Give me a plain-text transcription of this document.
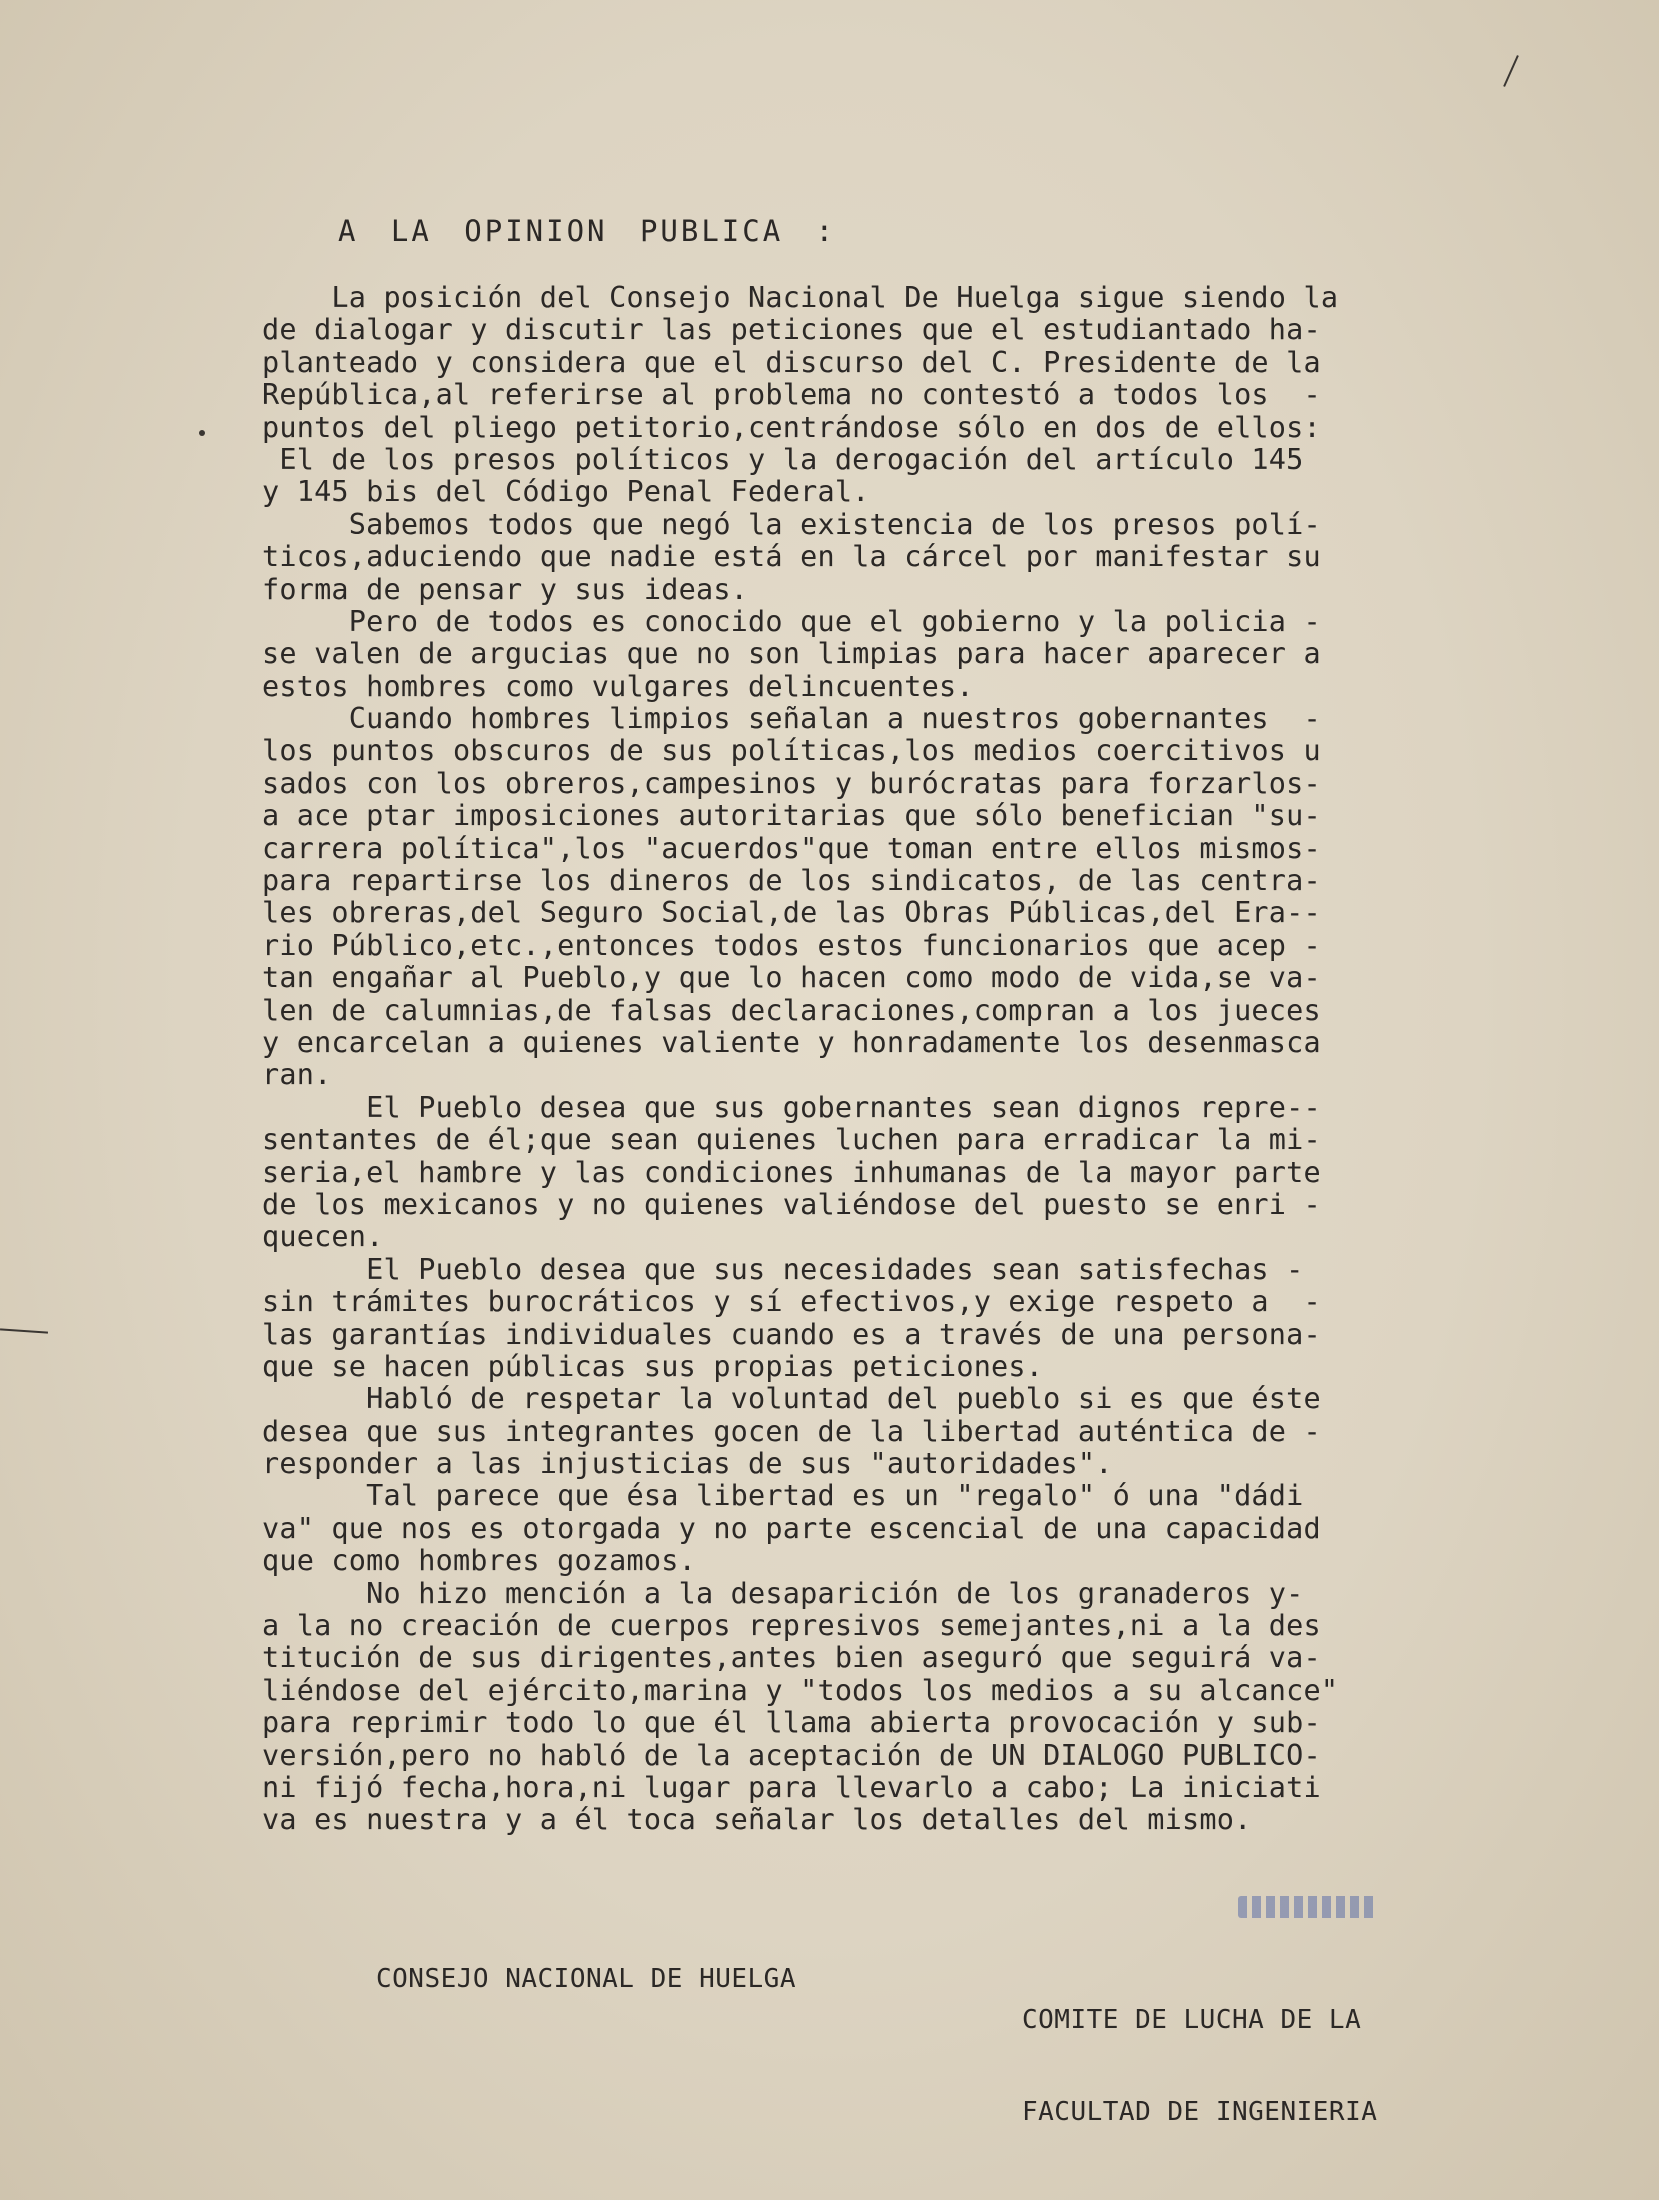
A LA OPINION PUBLICA :
La posición del Consejo Nacional De Huelga sigue siendo la
de dialogar y discutir las peticiones que el estudiantado ha-
planteado y considera que el discurso del C. Presidente de la
República,al referirse al problema no contestó a todos los  -
puntos del pliego petitorio,centrándose sólo en dos de ellos:
El de los presos políticos y la derogación del artículo 145
y 145 bis del Código Penal Federal.
Sabemos todos que negó la existencia de los presos polí-
ticos,aduciendo que nadie está en la cárcel por manifestar su
forma de pensar y sus ideas.
Pero de todos es conocido que el gobierno y la policia -
se valen de argucias que no son limpias para hacer aparecer a
estos hombres como vulgares delincuentes.
Cuando hombres limpios señalan a nuestros gobernantes  -
los puntos obscuros de sus políticas,los medios coercitivos u
sados con los obreros,campesinos y burócratas para forzarlos-
a ace ptar imposiciones autoritarias que sólo benefician "su-
carrera política",los "acuerdos"que toman entre ellos mismos-
para repartirse los dineros de los sindicatos, de las centra-
les obreras,del Seguro Social,de las Obras Públicas,del Era--
rio Público,etc.,entonces todos estos funcionarios que acep -
tan engañar al Pueblo,y que lo hacen como modo de vida,se va-
len de calumnias,de falsas declaraciones,compran a los jueces
y encarcelan a quienes valiente y honradamente los desenmasca
ran.
El Pueblo desea que sus gobernantes sean dignos repre--
sentantes de él;que sean quienes luchen para erradicar la mi-
seria,el hambre y las condiciones inhumanas de la mayor parte
de los mexicanos y no quienes valiéndose del puesto se enri -
quecen.
El Pueblo desea que sus necesidades sean satisfechas -
sin trámites burocráticos y sí efectivos,y exige respeto a  -
las garantías individuales cuando es a través de una persona-
que se hacen públicas sus propias peticiones.
Habló de respetar la voluntad del pueblo si es que éste
desea que sus integrantes gocen de la libertad auténtica de -
responder a las injusticias de sus "autoridades".
Tal parece que ésa libertad es un "regalo" ó una "dádi
va" que nos es otorgada y no parte escencial de una capacidad
que como hombres gozamos.
No hizo mención a la desaparición de los granaderos y-
a la no creación de cuerpos represivos semejantes,ni a la des
titución de sus dirigentes,antes bien aseguró que seguirá va-
liéndose del ejército,marina y "todos los medios a su alcance"
para reprimir todo lo que él llama abierta provocación y sub-
versión,pero no habló de la aceptación de UN DIALOGO PUBLICO-
ni fijó fecha,hora,ni lugar para llevarlo a cabo; La iniciati
va es nuestra y a él toca señalar los detalles del mismo.
CONSEJO NACIONAL DE HUELGA

COMITE DE LUCHA DE LA

FACULTAD DE INGENIERIA
